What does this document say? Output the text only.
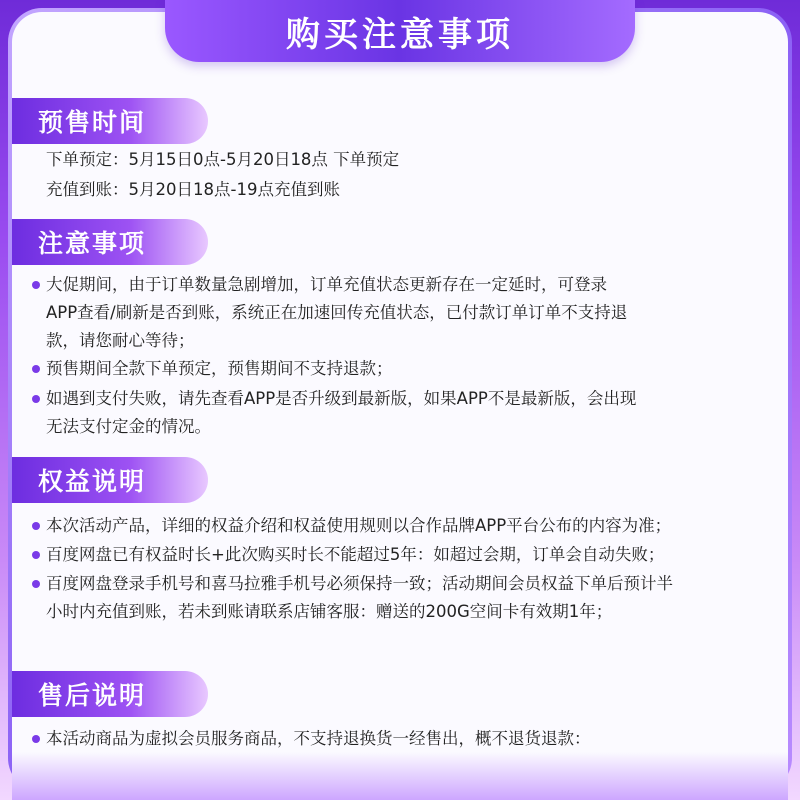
购买注意事项
预售时间
下单预定：5月15日0点-5月20日18点 下单预定
充值到账：5月20日18点-19点充值到账
注意事项
大促期间，由于订单数量急剧增加，订单充值状态更新存在一定延时，可登录
APP查看/刷新是否到账，系统正在加速回传充值状态，已付款订单订单不支持退
款，请您耐心等待；
预售期间全款下单预定，预售期间不支持退款；
如遇到支付失败，请先查看APP是否升级到最新版，如果APP不是最新版，会出现
无法支付定金的情况。
权益说明
本次活动产品，详细的权益介绍和权益使用规则以合作品牌APP平台公布的内容为准；
百度网盘已有权益时长+此次购买时长不能超过5年：如超过会期，订单会自动失败；
百度网盘登录手机号和喜马拉雅手机号必须保持一致；活动期间会员权益下单后预计半
小时内充值到账，若未到账请联系店铺客服：赠送的200G空间卡有效期1年；
售后说明
本活动商品为虚拟会员服务商品，不支持退换货一经售出，概不退货退款：
